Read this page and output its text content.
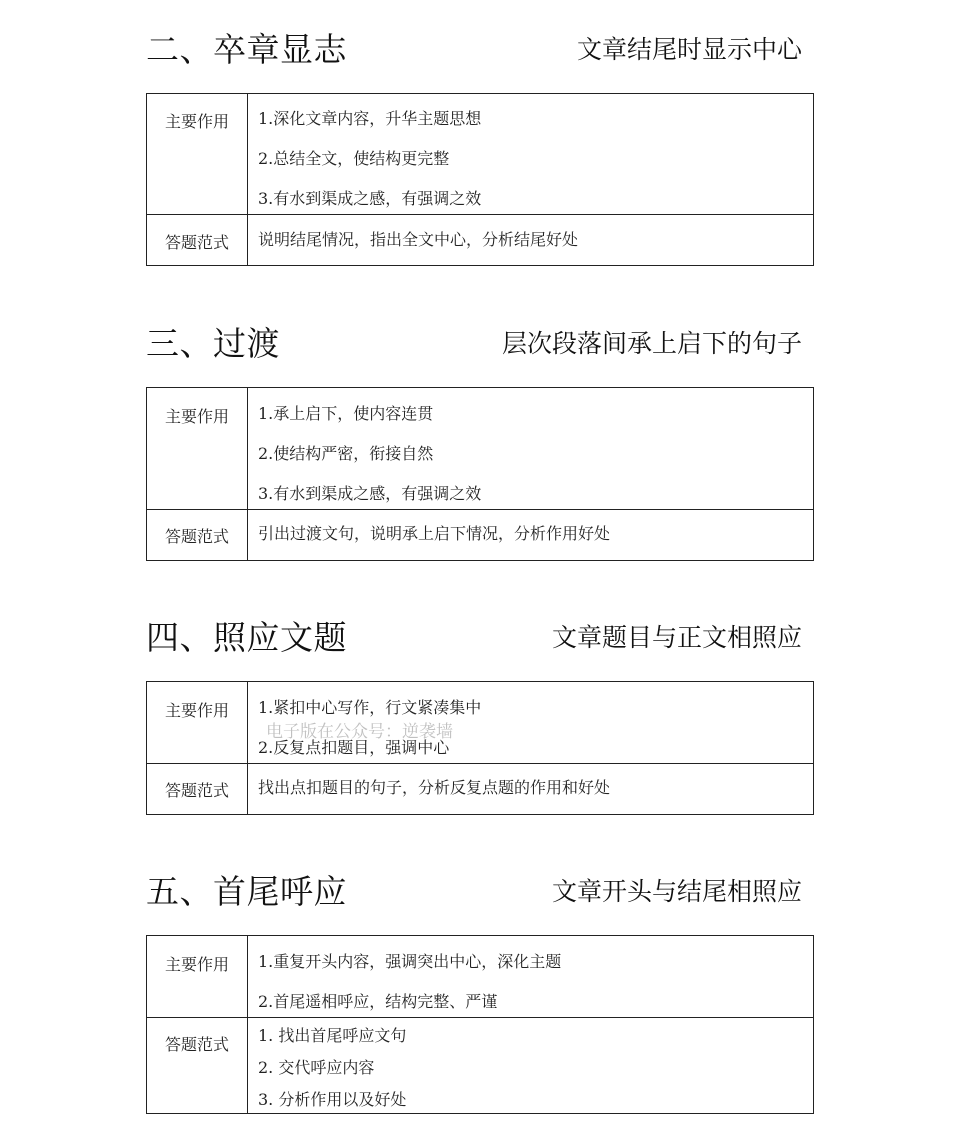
二、卒章显志	文章结尾时显示中心
主要作用	1.深化文章内容，升华主题思想
2.总结全文，使结构更完整
3.有水到渠成之感，有强调之效

答题范式	说明结尾情况，指出全文中心，分析结尾好处
三、过渡	层次段落间承上启下的句子
主要作用	1.承上启下，使内容连贯
2.使结构严密，衔接自然
3.有水到渠成之感，有强调之效

答题范式	引出过渡文句，说明承上启下情况，分析作用好处
四、照应文题	文章题目与正文相照应
主要作用	1.紧扣中心写作，行文紧凑集中
2.反复点扣题目，强调中心

答题范式	找出点扣题目的句子，分析反复点题的作用和好处
电子版在公众号：逆袭墙
五、首尾呼应	文章开头与结尾相照应
主要作用	1.重复开头内容，强调突出中心，深化主题
2.首尾遥相呼应，结构完整、严谨

答题范式	1. 找出首尾呼应文句
2. 交代呼应内容
3. 分析作用以及好处
